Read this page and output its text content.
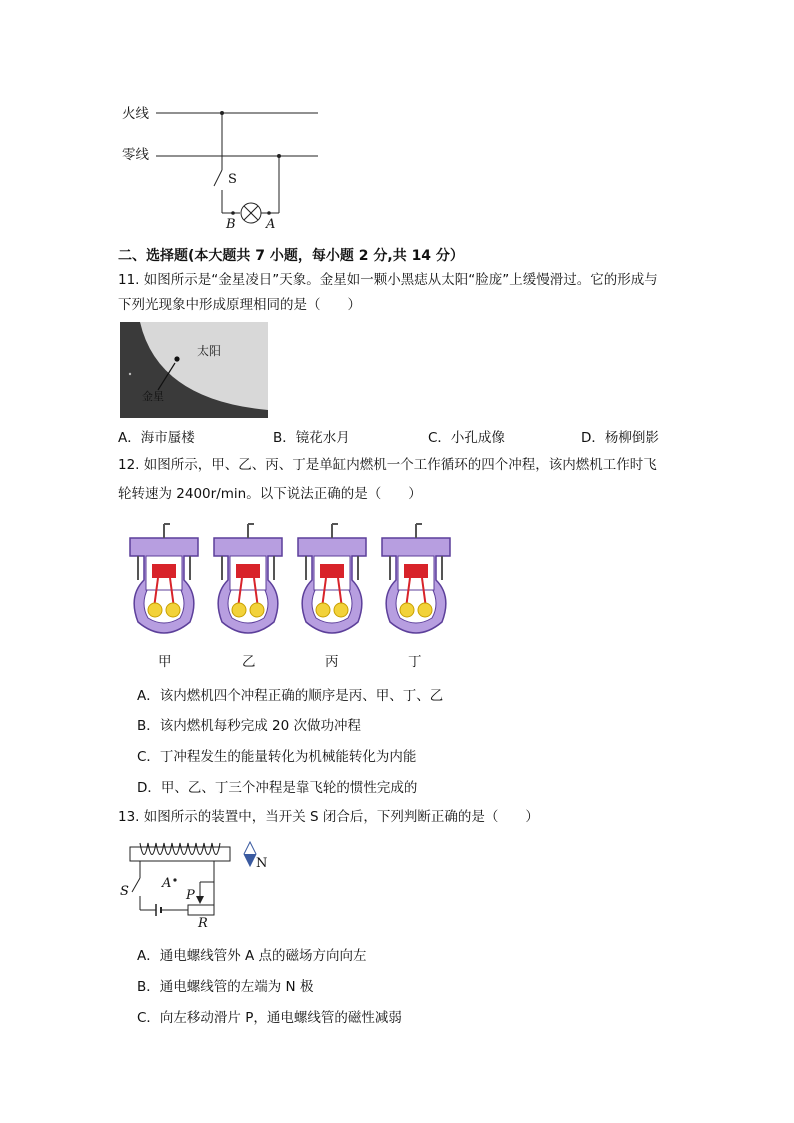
火线
零线
S
B A
二、选择题(本大题共 7 小题，每小题 2 分,共 14 分）
11. 如图所示是“金星凌日”天象。金星如一颗小黑痣从太阳“脸庞”上缓慢滑过。它的形成与
下列光现象中形成原理相同的是（　　）
太阳
金星
A．海市蜃楼	B．镜花水月	C．小孔成像	D．杨柳倒影
12. 如图所示，甲、乙、丙、丁是单缸内燃机一个工作循环的四个冲程，该内燃机工作时飞
轮转速为 2400r/min。以下说法正确的是（　　）
甲	乙	丙	丁
A．该内燃机四个冲程正确的顺序是丙、甲、丁、乙
B．该内燃机每秒完成 20 次做功冲程
C．丁冲程发生的能量转化为机械能转化为内能
D．甲、乙、丁三个冲程是靠飞轮的惯性完成的
13. 如图所示的装置中，当开关 S 闭合后，下列判断正确的是（　　）
N
S
A
P
R
A．通电螺线管外 A 点的磁场方向向左
B．通电螺线管的左端为 N 极
C．向左移动滑片 P，通电螺线管的磁性减弱
